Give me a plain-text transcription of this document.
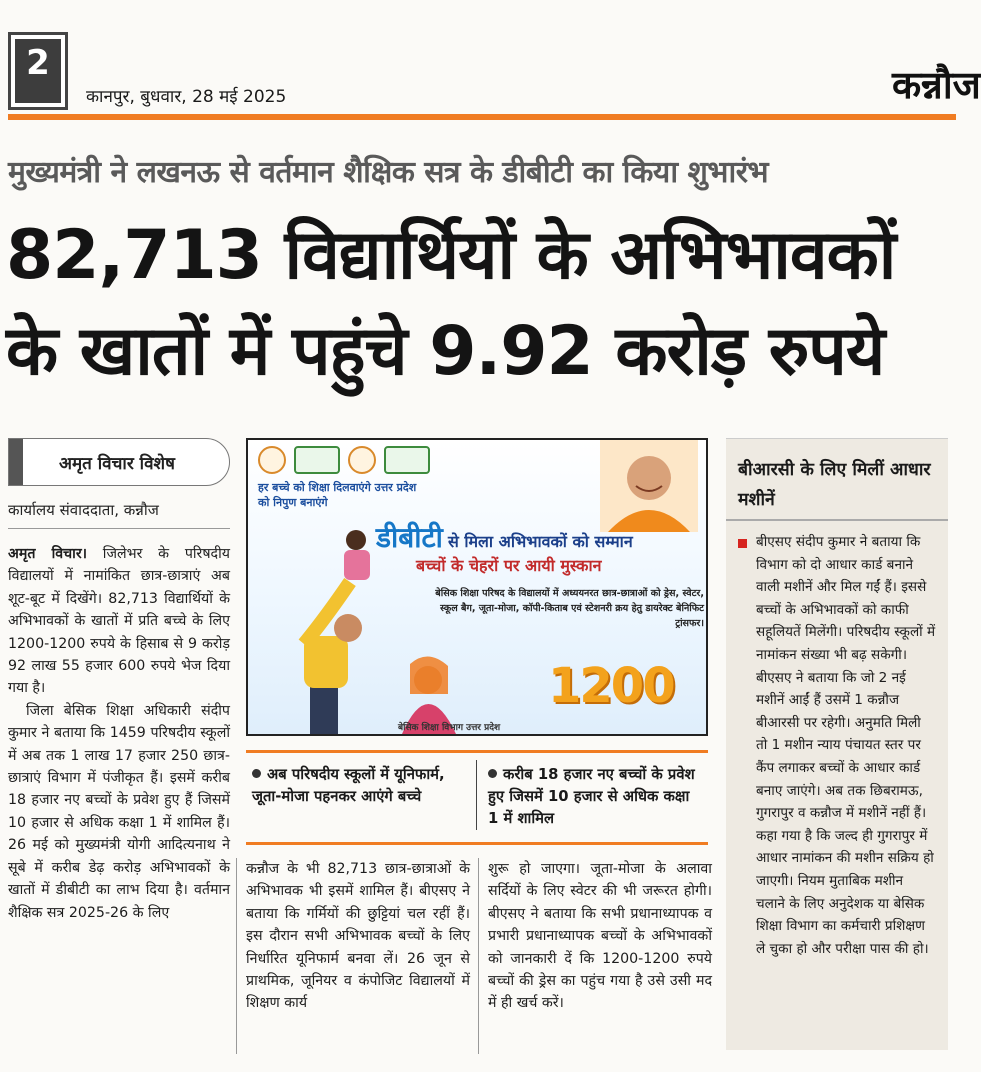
2
कानपुर, बुधवार, 28 मई 2025	कन्नौज
मुख्यमंत्री ने लखनऊ से वर्तमान शैक्षिक सत्र के डीबीटी का किया शुभारंभ
82,713 विद्यार्थियों के अभिभावकों
के खातों में पहुंचे 9.92 करोड़ रुपये
अमृत विचार विशेष
कार्यालय संवाददाता, कन्नौज

अमृत विचार। जिलेभर के परिषदीय विद्यालयों में नामांकित छात्र-छात्राएं अब शूट-बूट में दिखेंगे। 82,713 विद्यार्थियों के अभिभावकों के खातों में प्रति बच्चे के लिए 1200-1200 रुपये के हिसाब से 9 करोड़ 92 लाख 55 हजार 600 रुपये भेज दिया गया है।

जिला बेसिक शिक्षा अधिकारी संदीप कुमार ने बताया कि 1459 परिषदीय स्कूलों में अब तक 1 लाख 17 हजार 250 छात्र-छात्राएं विभाग में पंजीकृत हैं। इसमें करीब 18 हजार नए बच्चों के प्रवेश हुए हैं जिसमें 10 हजार से अधिक कक्षा 1 में शामिल हैं। 26 मई को मुख्यमंत्री योगी आदित्यनाथ ने सूबे में करीब डेढ़ करोड़ अभिभावकों के खातों में डीबीटी का लाभ दिया है। वर्तमान शैक्षिक सत्र 2025-26 के लिए

हर बच्चे को शिक्षा दिलवाएंगे उत्तर प्रदेश को निपुण बनाएंगे
डीबीटी से मिला अभिभावकों को सम्मान
बच्चों के चेहरों पर आयी मुस्कान
बेसिक शिक्षा परिषद के विद्यालयों में अध्ययनरत छात्र-छात्राओं को ड्रेस, स्वेटर, स्कूल बैग, जूता-मोजा, कॉपी-किताब एवं स्टेशनरी क्रय हेतु डायरेक्ट बेनिफिट ट्रांसफर।
1200
बेसिक शिक्षा विभाग उत्तर प्रदेश
अब परिषदीय स्कूलों में यूनिफार्म, जूता-मोजा पहनकर आएंगे बच्चे
करीब 18 हजार नए बच्चों के प्रवेश हुए जिसमें 10 हजार से अधिक कक्षा 1 में शामिल
कन्नौज के भी 82,713 छात्र-छात्राओं के अभिभावक भी इसमें शामिल हैं। बीएसए ने बताया कि गर्मियों की छुट्टियां चल रहीं हैं। इस दौरान सभी अभिभावक बच्चों के लिए निर्धारित यूनिफार्म बनवा लें। 26 जून से प्राथमिक, जूनियर व कंपोजिट विद्यालयों में शिक्षण कार्य
शुरू हो जाएगा। जूता-मोजा के अलावा सर्दियों के लिए स्वेटर की भी जरूरत होगी। बीएसए ने बताया कि सभी प्रधानाध्यापक व प्रभारी प्रधानाध्यापक बच्चों के अभिभावकों को जानकारी दें कि 1200-1200 रुपये बच्चों की ड्रेस का पहुंच गया है उसे उसी मद में ही खर्च करें।
बीआरसी के लिए मिलीं आधार मशीनें
बीएसए संदीप कुमार ने बताया कि विभाग को दो आधार कार्ड बनाने वाली मशीनें और मिल गईं हैं। इससे बच्चों के अभिभावकों को काफी सहूलियतें मिलेंगी। परिषदीय स्कूलों में नामांकन संख्या भी बढ़ सकेगी। बीएसए ने बताया कि जो 2 नई मशीनें आईं हैं उसमें 1 कन्नौज बीआरसी पर रहेगी। अनुमति मिली तो 1 मशीन न्याय पंचायत स्तर पर कैंप लगाकर बच्चों के आधार कार्ड बनाए जाएंगे। अब तक छिबरामऊ, गुगरापुर व कन्नौज में मशीनें नहीं हैं। कहा गया है कि जल्द ही गुगरापुर में आधार नामांकन की मशीन सक्रिय हो जाएगी। नियम मुताबिक मशीन चलाने के लिए अनुदेशक या बेसिक शिक्षा विभाग का कर्मचारी प्रशिक्षण ले चुका हो और परीक्षा पास की हो।
